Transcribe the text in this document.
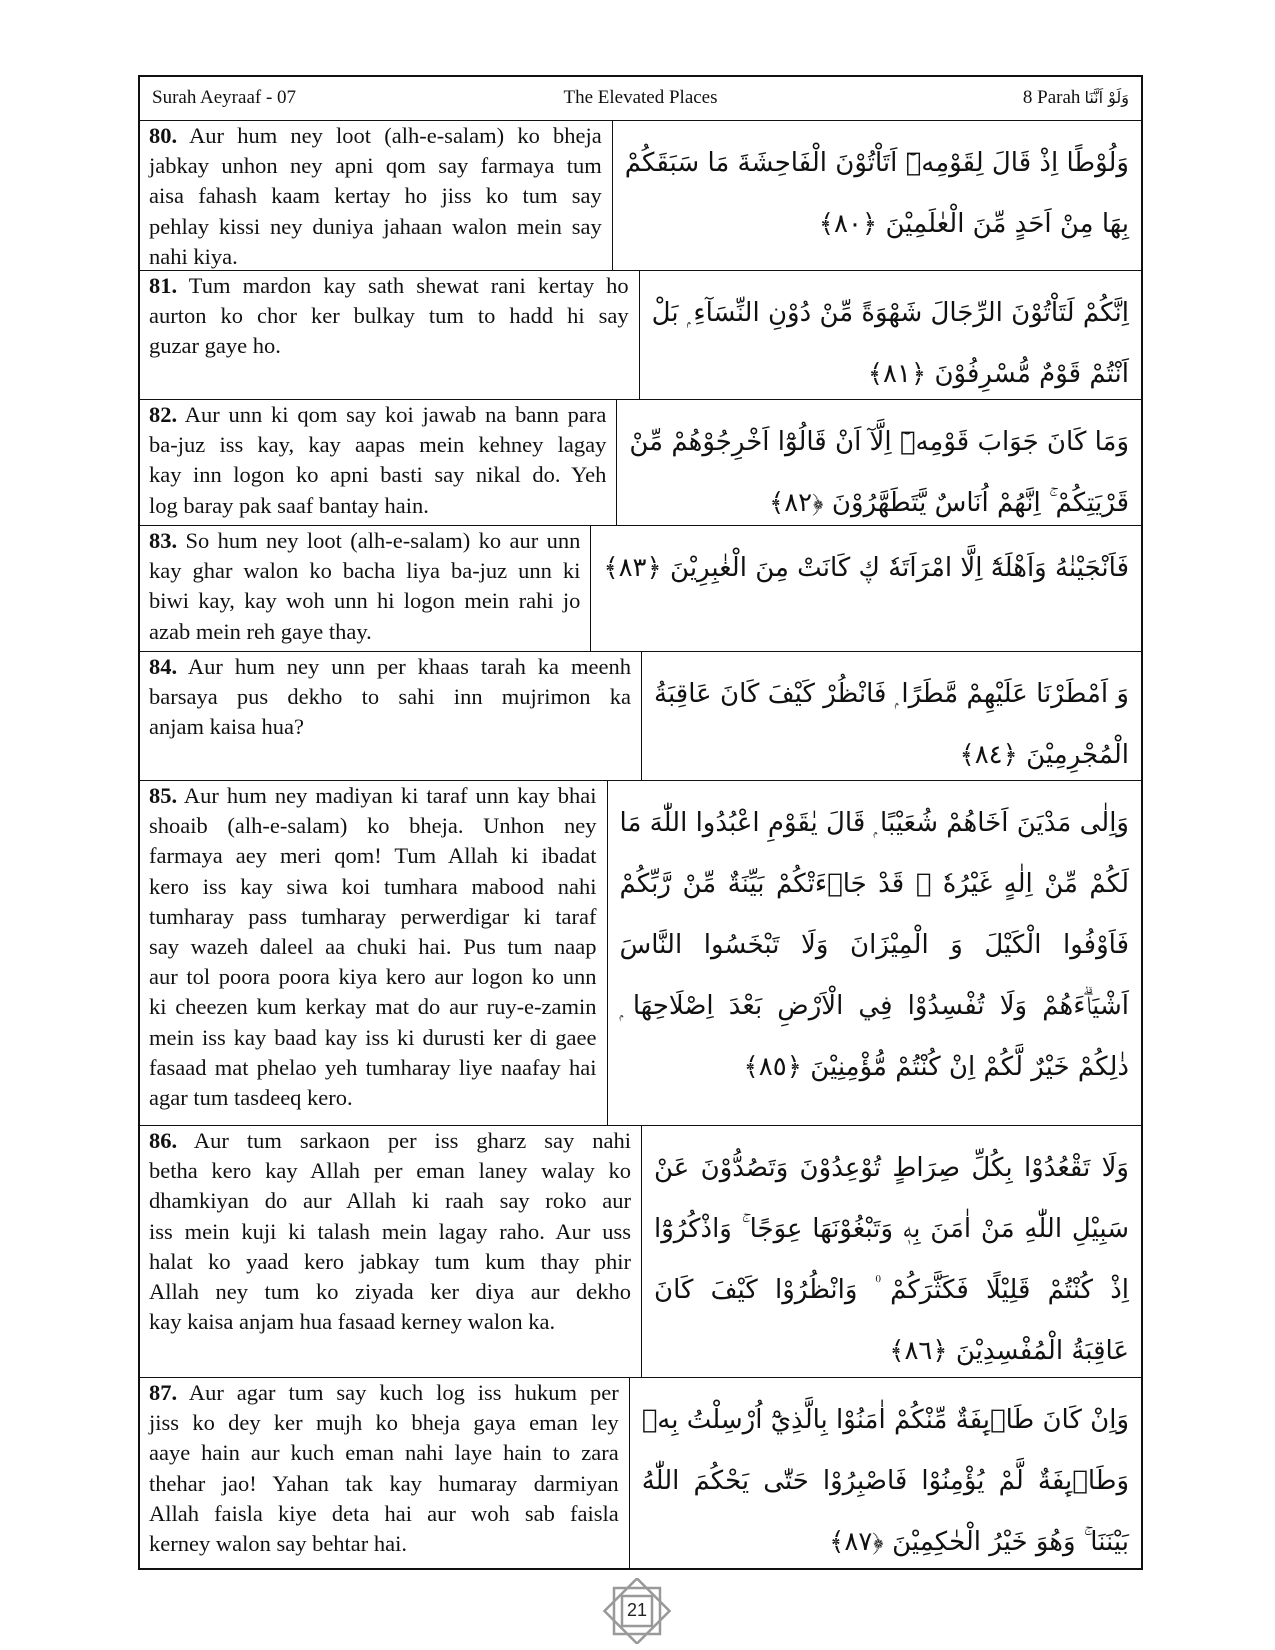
Surah Aeyraaf - 07	The Elevated Places	8 Parah وَلَوْ اَنَّنَا
80. Aur hum ney loot (alh-e-salam) ko bheja
jabkay unhon ney apni qom say farmaya tum
aisa fahash kaam kertay ho jiss ko tum say
pehlay kissi ney duniya jahaan walon mein say
nahi kiya.
وَلُوْطًا اِذْ قَالَ لِقَوْمِهٖٓ اَتَاْتُوْنَ الْفَاحِشَةَ مَا سَبَقَكُمْ
بِهَا مِنْ اَحَدٍ مِّنَ الْعٰلَمِيْنَ ﴿٨٠﴾
81. Tum mardon kay sath shewat rani kertay ho
aurton ko chor ker bulkay tum to hadd hi say
guzar gaye ho.
اِنَّكُمْ لَتَاْتُوْنَ الرِّجَالَ شَهْوَةً مِّنْ دُوْنِ النِّسَآءِ ۭ بَلْ
اَنْتُمْ قَوْمٌ مُّسْرِفُوْنَ ﴿٨١﴾
82. Aur unn ki qom say koi jawab na bann para
ba-juz iss kay, kay aapas mein kehney lagay
kay inn logon ko apni basti say nikal do. Yeh
log baray pak saaf bantay hain.
وَمَا كَانَ جَوَابَ قَوْمِهٖٓ اِلَّآ اَنْ قَالُوْٓا اَخْرِجُوْهُمْ مِّنْ
قَرْيَتِكُمْ ۚ اِنَّهُمْ اُنَاسٌ يَّتَطَهَّرُوْنَ ﴿٨٢﴾
83. So hum ney loot (alh-e-salam) ko aur unn
kay ghar walon ko bacha liya ba-juz unn ki
biwi kay, kay woh unn hi logon mein rahi jo
azab mein reh gaye thay.
فَاَنْجَيْنٰهُ وَاَهْلَهٗٓ اِلَّا امْرَاَتَهٗ ڮ كَانَتْ مِنَ الْغٰبِرِيْنَ ﴿٨٣﴾
84. Aur hum ney unn per khaas tarah ka meenh
barsaya pus dekho to sahi inn mujrimon ka
anjam kaisa hua?
وَ اَمْطَرْنَا عَلَيْهِمْ مَّطَرًا ۭ فَانْظُرْ كَيْفَ كَانَ عَاقِبَةُ
الْمُجْرِمِيْنَ ﴿٨٤﴾
85. Aur hum ney madiyan ki taraf unn kay bhai
shoaib (alh-e-salam) ko bheja. Unhon ney
farmaya aey meri qom! Tum Allah ki ibadat
kero iss kay siwa koi tumhara mabood nahi
tumharay pass tumharay perwerdigar ki taraf
say wazeh daleel aa chuki hai. Pus tum naap
aur tol poora poora kiya kero aur logon ko unn
ki cheezen kum kerkay mat do aur ruy-e-zamin
mein iss kay baad kay iss ki durusti ker di gaee
fasaad mat phelao yeh tumharay liye naafay hai
agar tum tasdeeq kero.
وَاِلٰى مَدْيَنَ اَخَاهُمْ شُعَيْبًا ۭ قَالَ يٰقَوْمِ اعْبُدُوا اللّٰهَ مَا
لَكُمْ مِّنْ اِلٰهٍ غَيْرُهٗ ۭ قَدْ جَاۗءَتْكُمْ بَيِّنَةٌ مِّنْ رَّبِّكُمْ
فَاَوْفُوا الْكَيْلَ وَ الْمِيْزَانَ وَلَا تَبْخَسُوا النَّاسَ
اَشْيَاۗءَهُمْ وَلَا تُفْسِدُوْا فِي الْاَرْضِ بَعْدَ اِصْلَاحِهَا ۭ
ذٰلِكُمْ خَيْرٌ لَّكُمْ اِنْ كُنْتُمْ مُّؤْمِنِيْنَ ﴿٨٥﴾
86. Aur tum sarkaon per iss gharz say nahi
betha kero kay Allah per eman laney walay ko
dhamkiyan do aur Allah ki raah say roko aur
iss mein kuji ki talash mein lagay raho. Aur uss
halat ko yaad kero jabkay tum kum thay phir
Allah ney tum ko ziyada ker diya aur dekho
kay kaisa anjam hua fasaad kerney walon ka.
وَلَا تَقْعُدُوْا بِكُلِّ صِرَاطٍ تُوْعِدُوْنَ وَتَصُدُّوْنَ عَنْ
سَبِيْلِ اللّٰهِ مَنْ اٰمَنَ بِهٖ وَتَبْغُوْنَهَا عِوَجًا ۚ وَاذْكُرُوْٓا
اِذْ كُنْتُمْ قَلِيْلًا فَكَثَّرَكُمْ ۠ وَانْظُرُوْا كَيْفَ كَانَ
عَاقِبَةُ الْمُفْسِدِيْنَ ﴿٨٦﴾
87. Aur agar tum say kuch log iss hukum per
jiss ko dey ker mujh ko bheja gaya eman ley
aaye hain aur kuch eman nahi laye hain to zara
thehar jao! Yahan tak kay humaray darmiyan
Allah faisla kiye deta hai aur woh sab faisla
kerney walon say behtar hai.
وَاِنْ كَانَ طَاۗىِٕفَةٌ مِّنْكُمْ اٰمَنُوْا بِالَّذِيْٓ اُرْسِلْتُ بِهٖ
وَطَاۗىِٕفَةٌ لَّمْ يُؤْمِنُوْا فَاصْبِرُوْا حَتّٰى يَحْكُمَ اللّٰهُ
بَيْنَنَا ۚ وَهُوَ خَيْرُ الْحٰكِمِيْنَ ﴿٨٧﴾
21
